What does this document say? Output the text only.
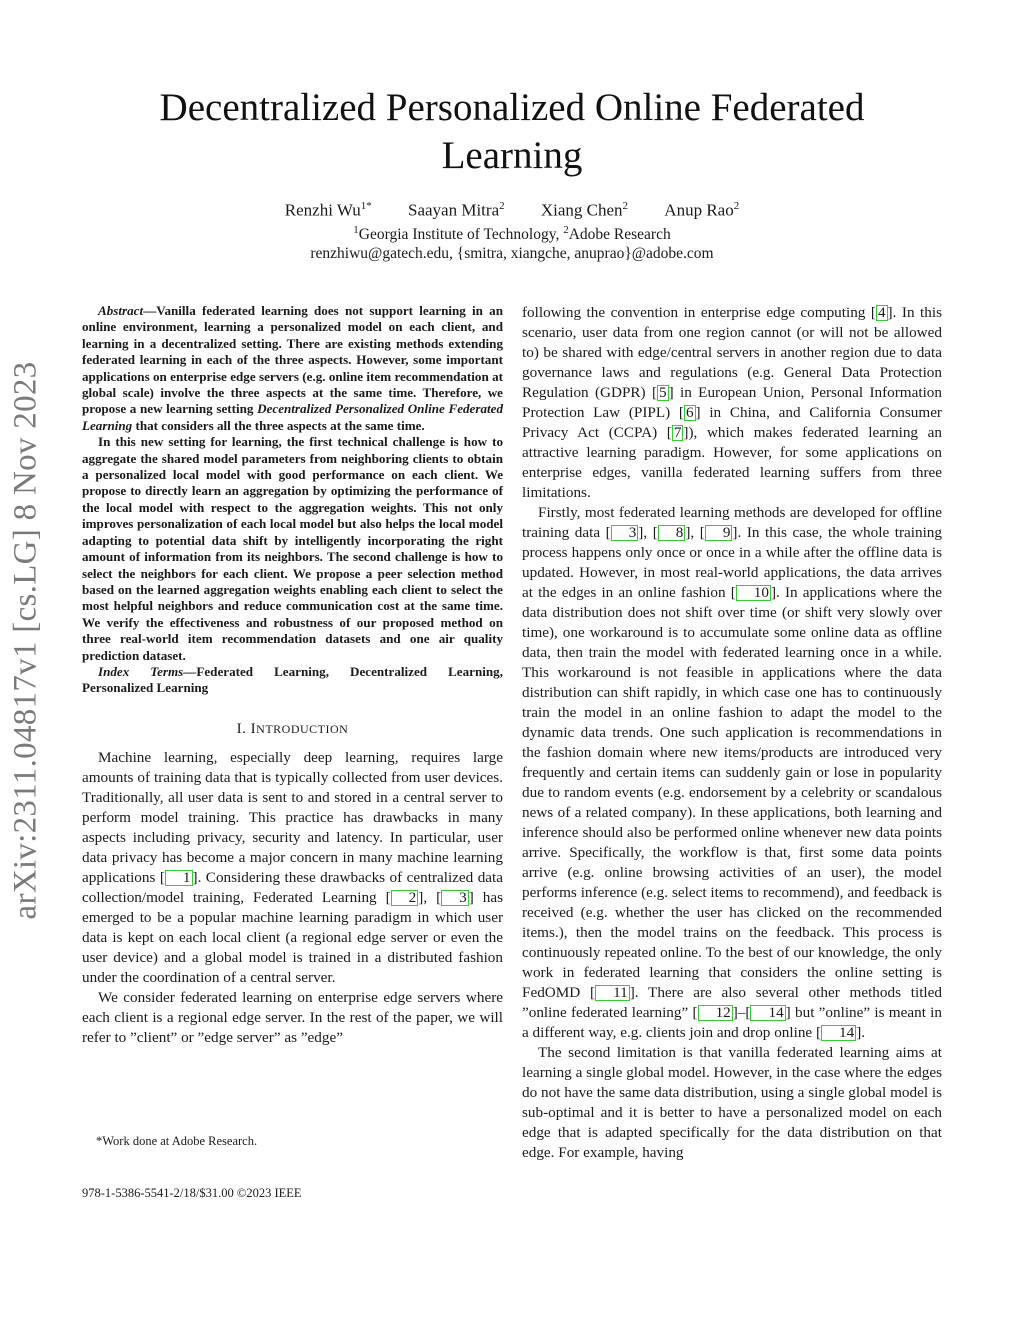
arXiv:2311.04817v1 [cs.LG] 8 Nov 2023
Decentralized Personalized Online Federated
Learning
Renzhi $Wu^{1*}$ Saayan Mitra$^2$ Xiang Chen$^2$ Anup Rao$^2$
$^1$Georgia Institute of Technology, $^2$Adobe Research
renzhiwu@gatech.edu, {smitra, xiangche, anuprao}@adobe.com

Abstract—Vanilla federated learning does not support learning in an online environment, learning a personalized model on each client, and learning in a decentralized setting. There are existing methods extending federated learning in each of the three aspects. However, some important applications on enterprise edge servers (e.g. online item recommendation at global scale) involve the three aspects at the same time. Therefore, we propose a new learning setting Decentralized Personalized Online Federated Learning that considers all the three aspects at the same time.

In this new setting for learning, the first technical challenge is how to aggregate the shared model parameters from neighboring clients to obtain a personalized local model with good performance on each client. We propose to directly learn an aggregation by optimizing the performance of the local model with respect to the aggregation weights. This not only improves personalization of each local model but also helps the local model adapting to potential data shift by intelligently incorporating the right amount of information from its neighbors. The second challenge is how to select the neighbors for each client. We propose a peer selection method based on the learned aggregation weights enabling each client to select the most helpful neighbors and reduce communication cost at the same time. We verify the effectiveness and robustness of our proposed method on three real-world item recommendation datasets and one air quality prediction dataset.

Index Terms—Federated Learning, Decentralized Learning, Personalized Learning

I. INTRODUCTION

Machine learning, especially deep learning, requires large amounts of training data that is typically collected from user devices. Traditionally, all user data is sent to and stored in a central server to perform model training. This practice has drawbacks in many aspects including privacy, security and latency. In particular, user data privacy has become a major concern in many machine learning applications [ 1 ]. Considering these drawbacks of centralized data collection/model training, Federated Learning [ 2 ], [ 3 ] has emerged to be a popular machine learning paradigm in which user data is kept on each local client (a regional edge server or even the user device) and a global model is trained in a distributed fashion under the coordination of a central server.

We consider federated learning on enterprise edge servers where each client is a regional edge server. In the rest of the paper, we will refer to ”client” or ”edge server” as ”edge”

following the convention in enterprise edge computing [ 4 ]. In this scenario, user data from one region cannot (or will not be allowed to) be shared with edge/central servers in another region due to data governance laws and regulations (e.g. General Data Protection Regulation (GDPR) [ 5 ] in European Union, Personal Information Protection Law (PIPL) [ 6 ] in China, and California Consumer Privacy Act (CCPA) [ 7 ]), which makes federated learning an attractive learning paradigm. However, for some applications on enterprise edges, vanilla federated learning suffers from three limitations.

Firstly, most federated learning methods are developed for offline training data [ 3 ], [ 8 ], [ 9 ]. In this case, the whole training process happens only once or once in a while after the offline data is updated. However, in most real-world applications, the data arrives at the edges in an online fashion [ 10 ]. In applications where the data distribution does not shift over time (or shift very slowly over time), one workaround is to accumulate some online data as offline data, then train the model with federated learning once in a while. This workaround is not feasible in applications where the data distribution can shift rapidly, in which case one has to continuously train the model in an online fashion to adapt the model to the dynamic data trends. One such application is recommendations in the fashion domain where new items/products are introduced very frequently and certain items can suddenly gain or lose in popularity due to random events (e.g. endorsement by a celebrity or scandalous news of a related company). In these applications, both learning and inference should also be performed online whenever new data points arrive. Specifically, the workflow is that, first some data points arrive (e.g. online browsing activities of an user), the model performs inference (e.g. select items to recommend), and feedback is received (e.g. whether the user has clicked on the recommended items.), then the model trains on the feedback. This process is continuously repeated online. To the best of our knowledge, the only work in federated learning that considers the online setting is FedOMD [ 11 ]. There are also several other methods titled ”online federated learning” [ 12 ]–[ 14 ] but ”online” is meant in a different way, e.g. clients join and drop online [ 14 ].

The second limitation is that vanilla federated learning aims at learning a single global model. However, in the case where the edges do not have the same data distribution, using a single global model is sub-optimal and it is better to have a personalized model on each edge that is adapted specifically for the data distribution on that edge. For example, having

*Work done at Adobe Research.
978-1-5386-5541-2/18/$31.00 ©2023 IEEE
